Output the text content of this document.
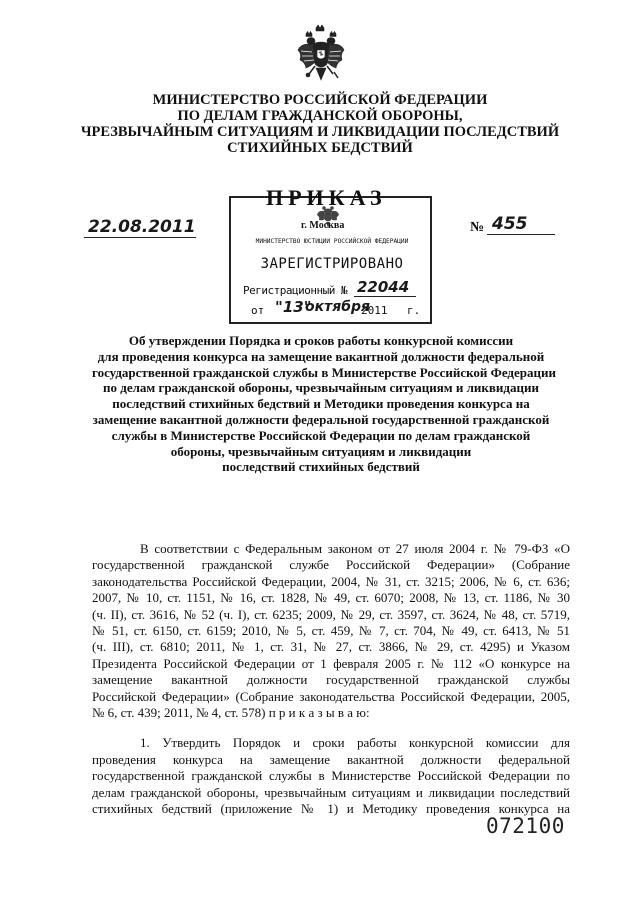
МИНИСТЕРСТВО РОССИЙСКОЙ ФЕДЕРАЦИИ
ПО ДЕЛАМ ГРАЖДАНСКОЙ ОБОРОНЫ,
ЧРЕЗВЫЧАЙНЫМ СИТУАЦИЯМ И ЛИКВИДАЦИИ ПОСЛЕДСТВИЙ
СТИХИЙНЫХ БЕДСТВИЙ
22.08.2011	№ 455
г. Москва
МИНИСТЕРСТВО ЮСТИЦИИ РОССИЙСКОЙ ФЕДЕРАЦИИ
ЗАРЕГИСТРИРОВАНО
Регистрационный № 22044
от "13"
октября
2011 г.
ПРИКАЗ
Об утверждении Порядка и сроков работы конкурсной комиссии
для проведения конкурса на замещение вакантной должности федеральной
государственной гражданской службы в Министерстве Российской Федерации
по делам гражданской обороны, чрезвычайным ситуациям и ликвидации
последствий стихийных бедствий и Методики проведения конкурса на
замещение вакантной должности федеральной государственной гражданской
службы в Министерстве Российской Федерации по делам гражданской
обороны, чрезвычайным ситуациям и ликвидации
последствий стихийных бедствий
В соответствии с Федеральным законом от 27 июля 2004 г. № 79-ФЗ «О
государственной гражданской службе Российской Федерации» (Собрание
законодательства Российской Федерации, 2004, № 31, ст. 3215; 2006, № 6, ст. 636;
2007, № 10, ст. 1151, № 16, ст. 1828, № 49, ст. 6070; 2008, № 13, ст. 1186, № 30
(ч. II), ст. 3616, № 52 (ч. I), ст. 6235; 2009, № 29, ст. 3597, ст. 3624, № 48, ст. 5719,
№ 51, ст. 6150, ст. 6159; 2010, № 5, ст. 459, № 7, ст. 704, № 49, ст. 6413, № 51
(ч. III), ст. 6810; 2011, № 1, ст. 31, № 27, ст. 3866, № 29, ст. 4295) и Указом
Президента Российской Федерации от 1 февраля 2005 г. № 112 «О конкурсе на
замещение вакантной должности государственной гражданской службы
Российской Федерации» (Собрание законодательства Российской Федерации, 2005,
№ 6, ст. 439; 2011, № 4, ст. 578) п р и к а з ы в а ю:
1. Утвердить Порядок и сроки работы конкурсной комиссии для
проведения конкурса на замещение вакантной должности федеральной
государственной гражданской службы в Министерстве Российской Федерации по
делам гражданской обороны, чрезвычайным ситуациям и ликвидации последствий
стихийных бедствий (приложение № 1) и Методику проведения конкурса на
072100
